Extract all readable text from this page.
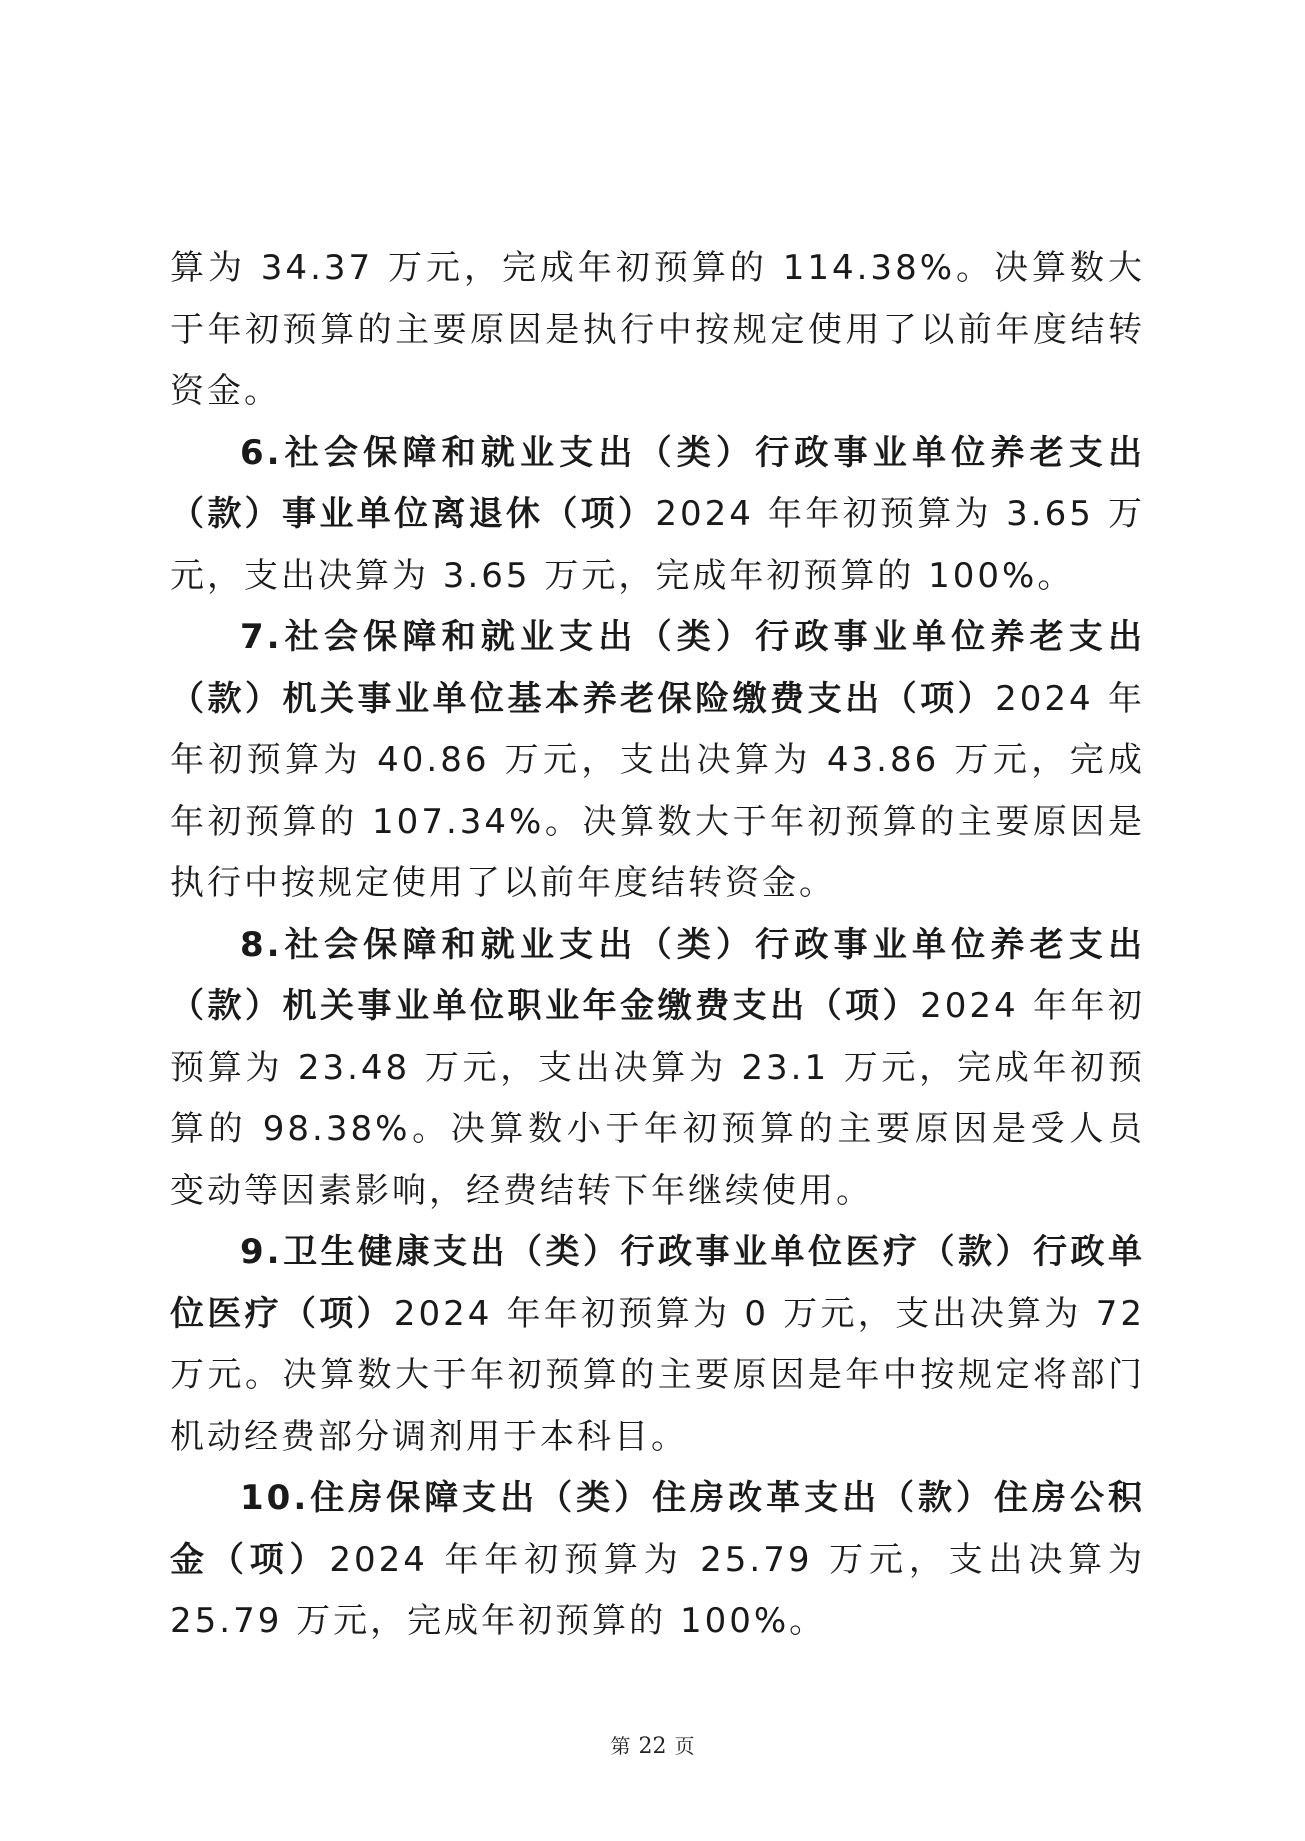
算为 34.37 万元，完成年初预算的 114.38%。决算数大于年初预算的主要原因是执行中按规定使用了以前年度结转资金。

6.社会保障和就业支出（类）行政事业单位养老支出（款）事业单位离退休（项）2024 年年初预算为 3.65 万元，支出决算为 3.65 万元，完成年初预算的 100%。

7.社会保障和就业支出（类）行政事业单位养老支出（款）机关事业单位基本养老保险缴费支出（项）2024 年年初预算为 40.86 万元，支出决算为 43.86 万元，完成年初预算的 107.34%。决算数大于年初预算的主要原因是执行中按规定使用了以前年度结转资金。

8.社会保障和就业支出（类）行政事业单位养老支出（款）机关事业单位职业年金缴费支出（项）2024 年年初预算为 23.48 万元，支出决算为 23.1 万元，完成年初预算的 98.38%。决算数小于年初预算的主要原因是受人员变动等因素影响，经费结转下年继续使用。

9.卫生健康支出（类）行政事业单位医疗（款）行政单位医疗（项）2024 年年初预算为 0 万元，支出决算为 72 万元。决算数大于年初预算的主要原因是年中按规定将部门机动经费部分调剂用于本科目。

10.住房保障支出（类）住房改革支出（款）住房公积金（项）2024 年年初预算为 25.79 万元，支出决算为 25.79 万元，完成年初预算的 100%。

第 22 页
